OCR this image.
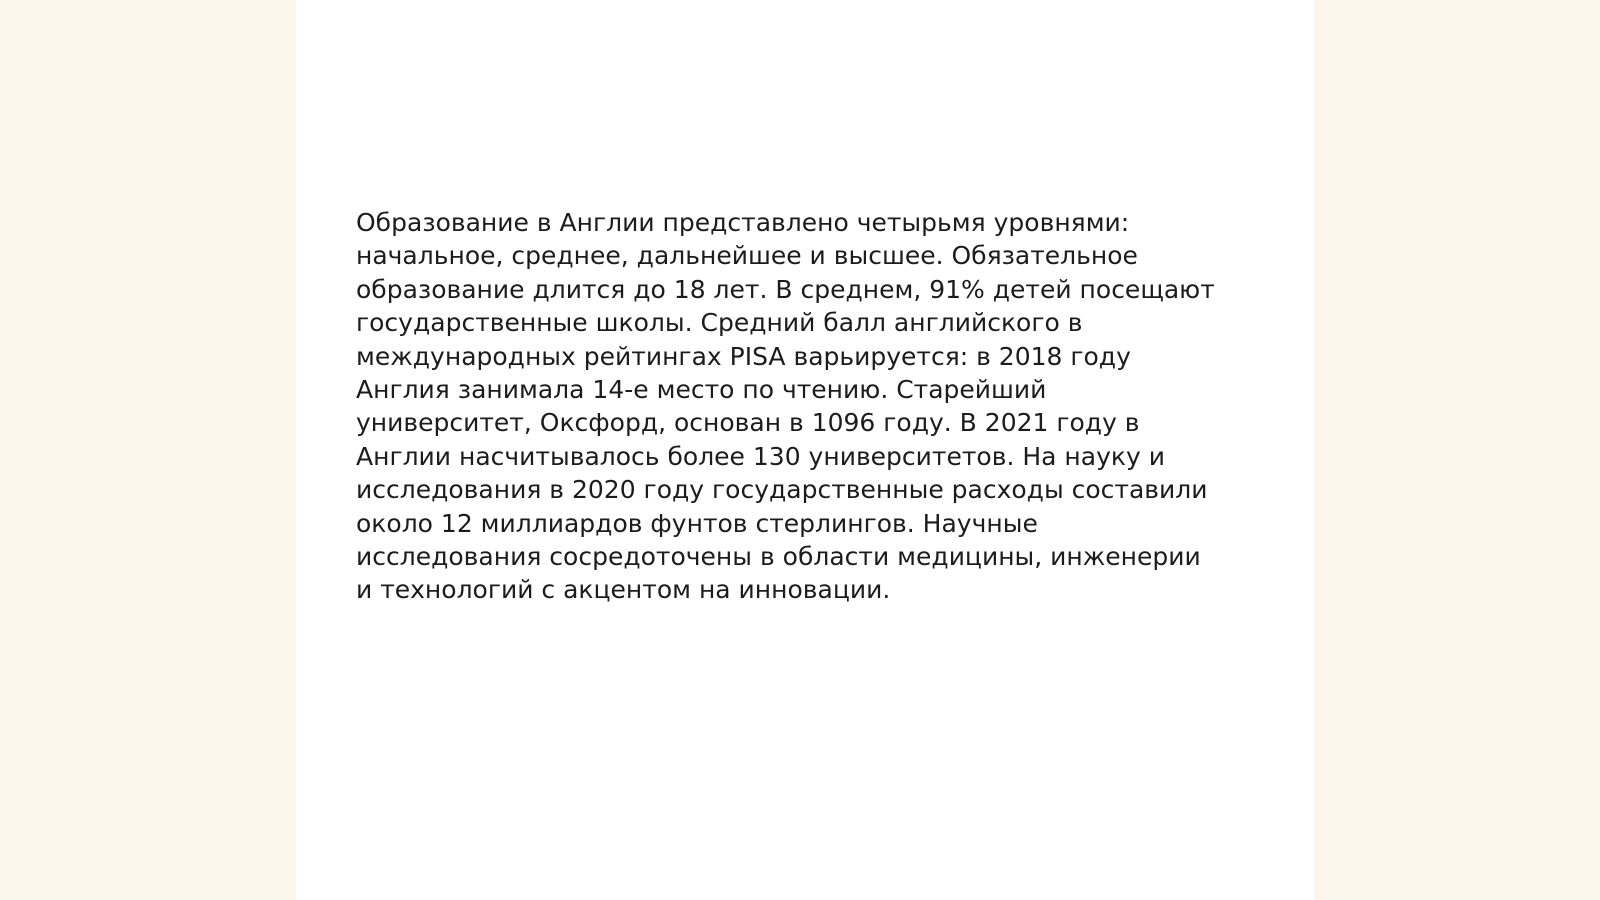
Образование в Англии представлено четырьмя уровнями:
начальное, среднее, дальнейшее и высшее. Обязательное
образование длится до 18 лет. В среднем, 91% детей посещают
государственные школы. Средний балл английского в
международных рейтингах PISA варьируется: в 2018 году
Англия занимала 14-е место по чтению. Старейший
университет, Оксфорд, основан в 1096 году. В 2021 году в
Англии насчитывалось более 130 университетов. На науку и
исследования в 2020 году государственные расходы составили
около 12 миллиардов фунтов стерлингов. Научные
исследования сосредоточены в области медицины, инженерии
и технологий с акцентом на инновации.
